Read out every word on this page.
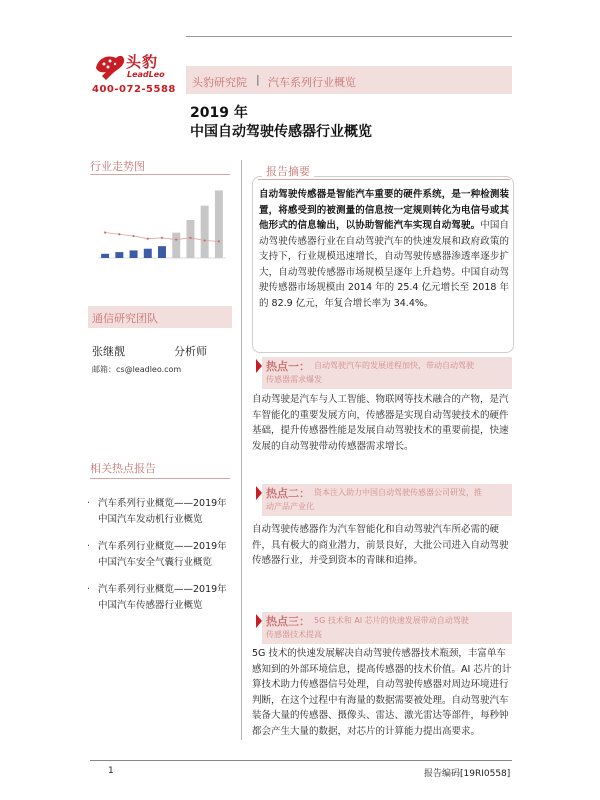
头豹
LeadLeo
400-072-5588
头豹研究院 | 汽车系列行业概览
2019 年
中国自动驾驶传感器行业概览
行业走势图
通信研究团队
张继靓	分析师
邮箱：cs@leadleo.com
相关热点报告
· 汽车系列行业概览——2019年中国汽车发动机行业概览
· 汽车系列行业概览——2019年中国汽车安全气囊行业概览
· 汽车系列行业概览——2019年中国汽车传感器行业概览
报告摘要
自动驾驶传感器是智能汽车重要的硬件系统，是一种检测装置，将感受到的被测量的信息按一定规则转化为电信号或其他形式的信息输出，以协助智能汽车实现自动驾驶。中国自动驾驶传感器行业在自动驾驶汽车的快速发展和政府政策的支持下，行业规模迅速增长，自动驾驶传感器渗透率逐步扩大，自动驾驶传感器市场规模呈逐年上升趋势。中国自动驾驶传感器市场规模由 2014 年的 25.4 亿元增长至 2018 年的 82.9 亿元，年复合增长率为 34.4%。
热点一： 自动驾驶汽车的发展进程加快，带动自动驾驶
传感器需求爆发
自动驾驶是汽车与人工智能、物联网等技术融合的产物，是汽车智能化的重要发展方向，传感器是实现自动驾驶技术的硬件基础，提升传感器性能是发展自动驾驶技术的重要前提，快速发展的自动驾驶带动传感器需求增长。
热点二： 资本注入助力中国自动驾驶传感器公司研发，推
动产品产业化
自动驾驶传感器作为汽车智能化和自动驾驶汽车所必需的硬件，具有极大的商业潜力，前景良好，大批公司进入自动驾驶传感器行业，并受到资本的青睐和追捧。
热点三： 5G 技术和 AI 芯片的快速发展带动自动驾驶
传感器技术提高
5G 技术的快速发展解决自动驾驶传感器技术瓶颈，丰富单车感知到的外部环境信息，提高传感器的技术价值。AI 芯片的计算技术助力传感器信号处理，自动驾驶传感器对周边环境进行判断，在这个过程中有海量的数据需要被处理。自动驾驶汽车装备大量的传感器、摄像头、雷达、激光雷达等部件，每秒钟都会产生大量的数据，对芯片的计算能力提出高要求。
1	报告编码[19RI0558]
